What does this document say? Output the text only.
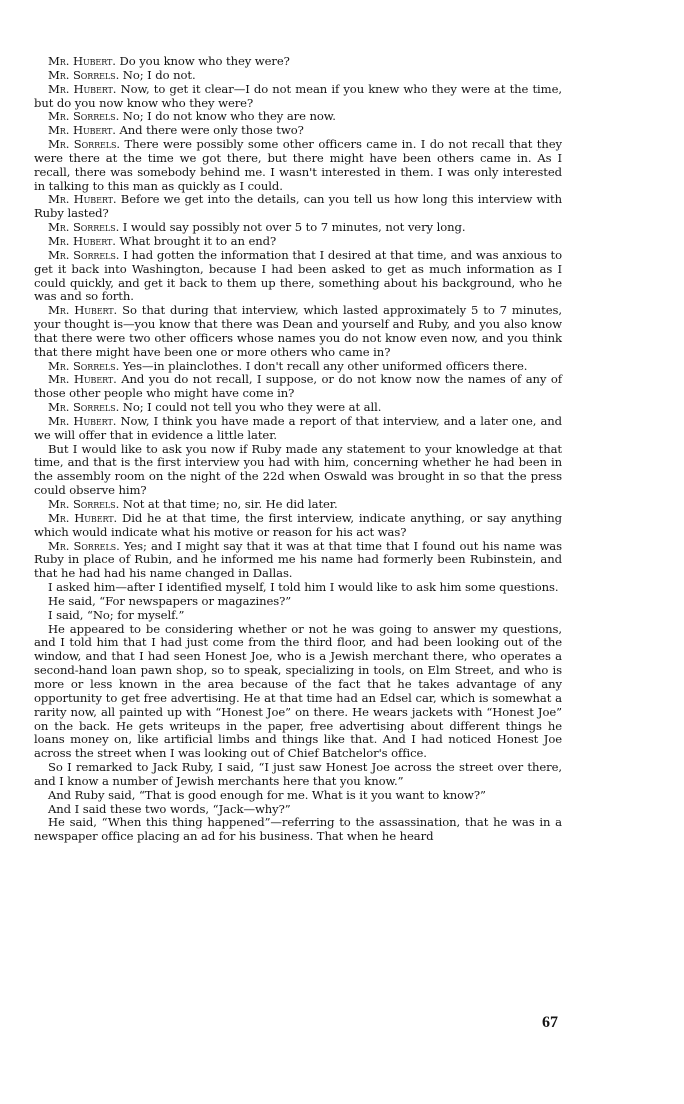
Mr. Hubert. Do you know who they were?

Mr. Sorrels. No; I do not.

Mr. Hubert. Now, to get it clear—I do not mean if you knew who they were at the time, but do you now know who they were?

Mr. Sorrels. No; I do not know who they are now.

Mr. Hubert. And there were only those two?

Mr. Sorrels. There were possibly some other officers came in. I do not recall that they were there at the time we got there, but there might have been others came in. As I recall, there was somebody behind me. I wasn't interested in them. I was only interested in talking to this man as quickly as I could.

Mr. Hubert. Before we get into the details, can you tell us how long this interview with Ruby lasted?

Mr. Sorrels. I would say possibly not over 5 to 7 minutes, not very long.

Mr. Hubert. What brought it to an end?

Mr. Sorrels. I had gotten the information that I desired at that time, and was anxious to get it back into Washington, because I had been asked to get as much information as I could quickly, and get it back to them up there, something about his background, who he was and so forth.

Mr. Hubert. So that during that interview, which lasted approximately 5 to 7 minutes, your thought is—you know that there was Dean and yourself and Ruby, and you also know that there were two other officers whose names you do not know even now, and you think that there might have been one or more others who came in?

Mr. Sorrels. Yes—in plainclothes. I don't recall any other uniformed officers there.

Mr. Hubert. And you do not recall, I suppose, or do not know now the names of any of those other people who might have come in?

Mr. Sorrels. No; I could not tell you who they were at all.

Mr. Hubert. Now, I think you have made a report of that interview, and a later one, and we will offer that in evidence a little later.

But I would like to ask you now if Ruby made any statement to your knowledge at that time, and that is the first interview you had with him, concerning whether he had been in the assembly room on the night of the 22d when Oswald was brought in so that the press could observe him?

Mr. Sorrels. Not at that time; no, sir. He did later.

Mr. Hubert. Did he at that time, the first interview, indicate anything, or say anything which would indicate what his motive or reason for his act was?

Mr. Sorrels. Yes; and I might say that it was at that time that I found out his name was Ruby in place of Rubin, and he informed me his name had formerly been Rubinstein, and that he had had his name changed in Dallas.

I asked him—after I identified myself, I told him I would like to ask him some questions.

He said, “For newspapers or magazines?”

I said, “No; for myself.”

He appeared to be considering whether or not he was going to answer my questions, and I told him that I had just come from the third floor, and had been looking out of the window, and that I had seen Honest Joe, who is a Jewish merchant there, who operates a second-hand loan pawn shop, so to speak, specializing in tools, on Elm Street, and who is more or less known in the area because of the fact that he takes advantage of any opportunity to get free advertising. He at that time had an Edsel car, which is somewhat a rarity now, all painted up with “Honest Joe” on there. He wears jackets with “Honest Joe” on the back. He gets writeups in the paper, free advertising about different things he loans money on, like artificial limbs and things like that. And I had noticed Honest Joe across the street when I was looking out of Chief Batchelor's office.

So I remarked to Jack Ruby, I said, “I just saw Honest Joe across the street over there, and I know a number of Jewish merchants here that you know.”

And Ruby said, “That is good enough for me. What is it you want to know?”

And I said these two words, “Jack—why?”

He said, “When this thing happened”—referring to the assassination, that he was in a newspaper office placing an ad for his business. That when he heard

67
